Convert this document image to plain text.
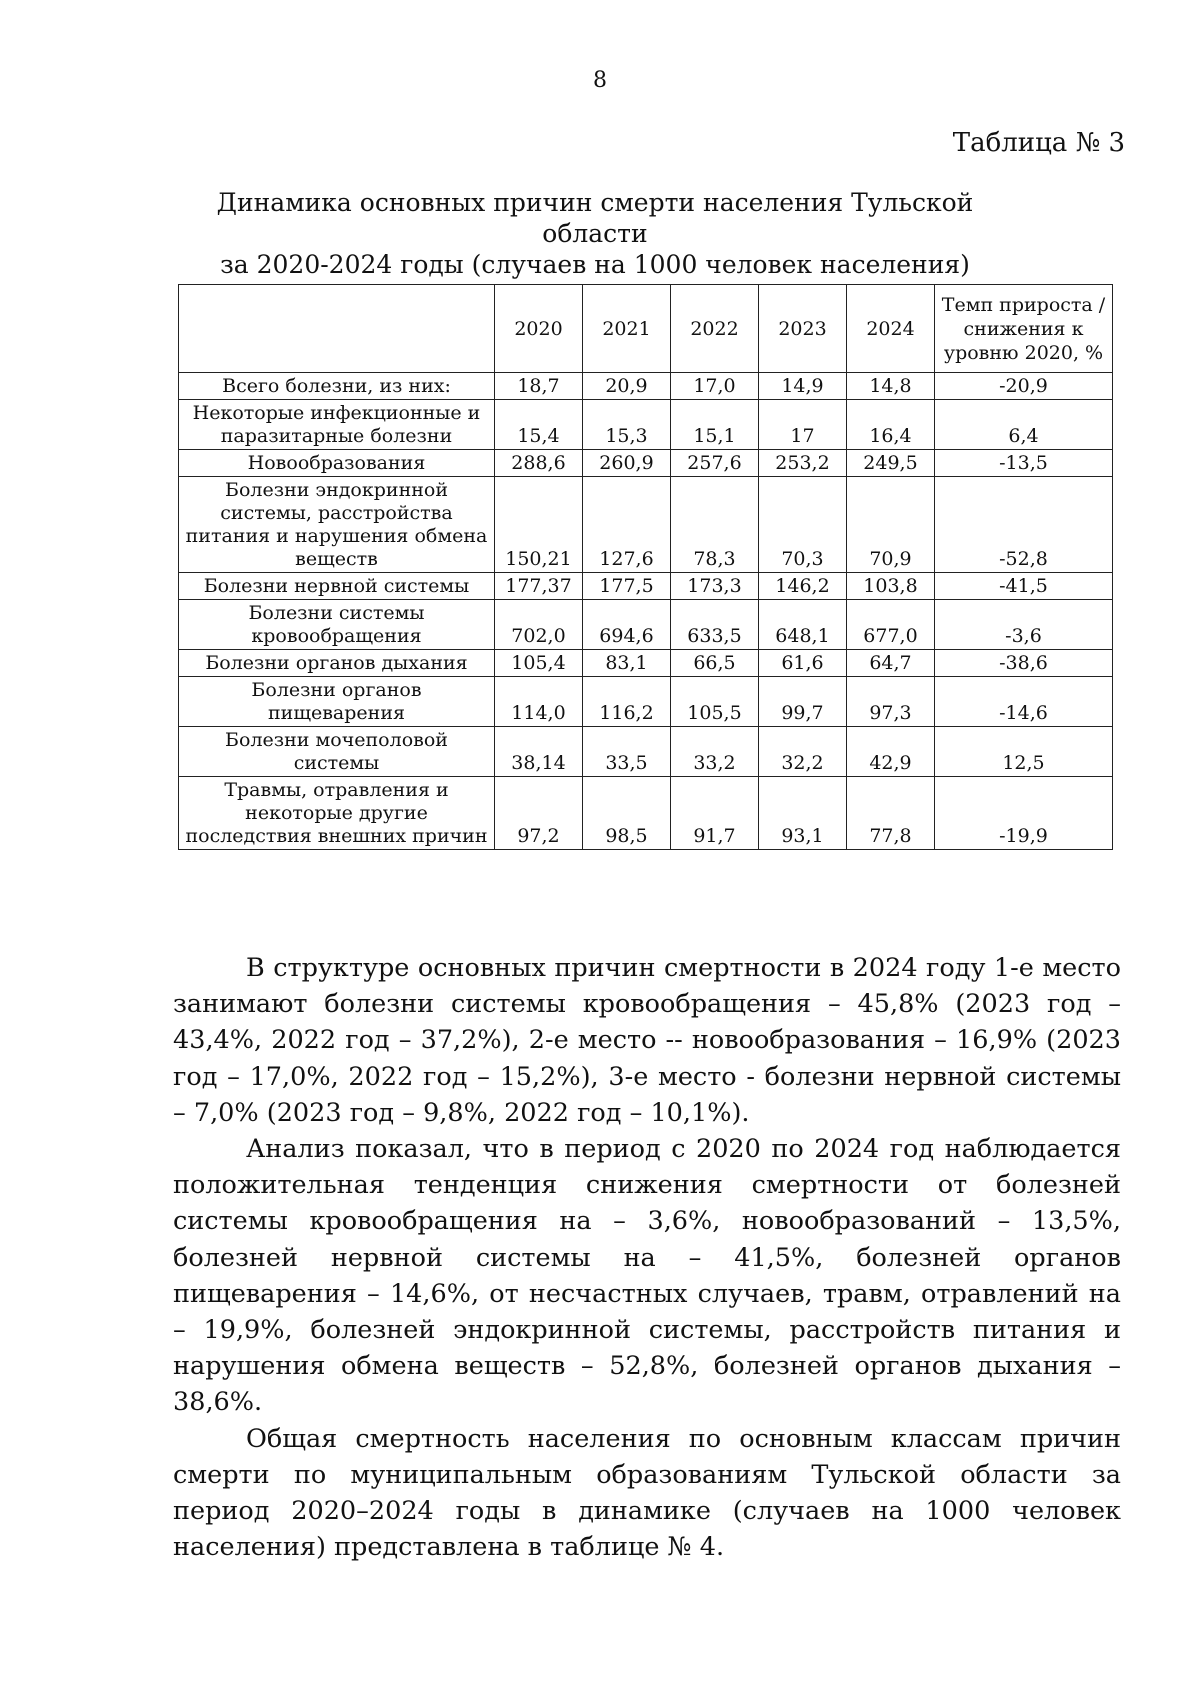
8
Таблица № 3
Динамика основных причин смерти населения Тульской области
за 2020-2024 годы (случаев на 1000 человек населения)
	2020	2021	2022	2023	2024	Темп прироста /снижения к уровню 2020, %
Всего болезни, из них:	18,7	20,9	17,0	14,9	14,8	-20,9
Некоторые инфекционные и паразитарные болезни	15,4	15,3	15,1	17	16,4	6,4
Новообразования	288,6	260,9	257,6	253,2	249,5	-13,5
Болезни эндокринной системы, расстройства питания и нарушения обмена веществ	150,21	127,6	78,3	70,3	70,9	-52,8
Болезни нервной системы	177,37	177,5	173,3	146,2	103,8	-41,5
Болезни системы кровообращения	702,0	694,6	633,5	648,1	677,0	-3,6
Болезни органов дыхания	105,4	83,1	66,5	61,6	64,7	-38,6
Болезни органов пищеварения	114,0	116,2	105,5	99,7	97,3	-14,6
Болезни мочеполовой системы	38,14	33,5	33,2	32,2	42,9	12,5
Травмы, отравления и некоторые другие последствия внешних причин	97,2	98,5	91,7	93,1	77,8	-19,9

В структуре основных причин смертности в 2024 году 1-е место занимают болезни системы кровообращения – 45,8% (2023 год – 43,4%, 2022 год – 37,2%), 2-е место -- новообразования – 16,9% (2023 год – 17,0%, 2022 год – 15,2%), 3-е место - болезни нервной системы – 7,0% (2023 год – 9,8%, 2022 год – 10,1%).

Анализ показал, что в период с 2020 по 2024 год наблюдается положительная тенденция снижения смертности от болезней системы кровообращения на – 3,6%, новообразований – 13,5%, болезней нервной системы на – 41,5%, болезней органов пищеварения – 14,6%, от несчастных случаев, травм, отравлений на – 19,9%, болезней эндокринной системы, расстройств питания и нарушения обмена веществ – 52,8%, болезней органов дыхания – 38,6%.

Общая смертность населения по основным классам причин смерти по муниципальным образованиям Тульской области за период 2020–2024 годы в динамике (случаев на 1000 человек населения) представлена в таблице № 4.
